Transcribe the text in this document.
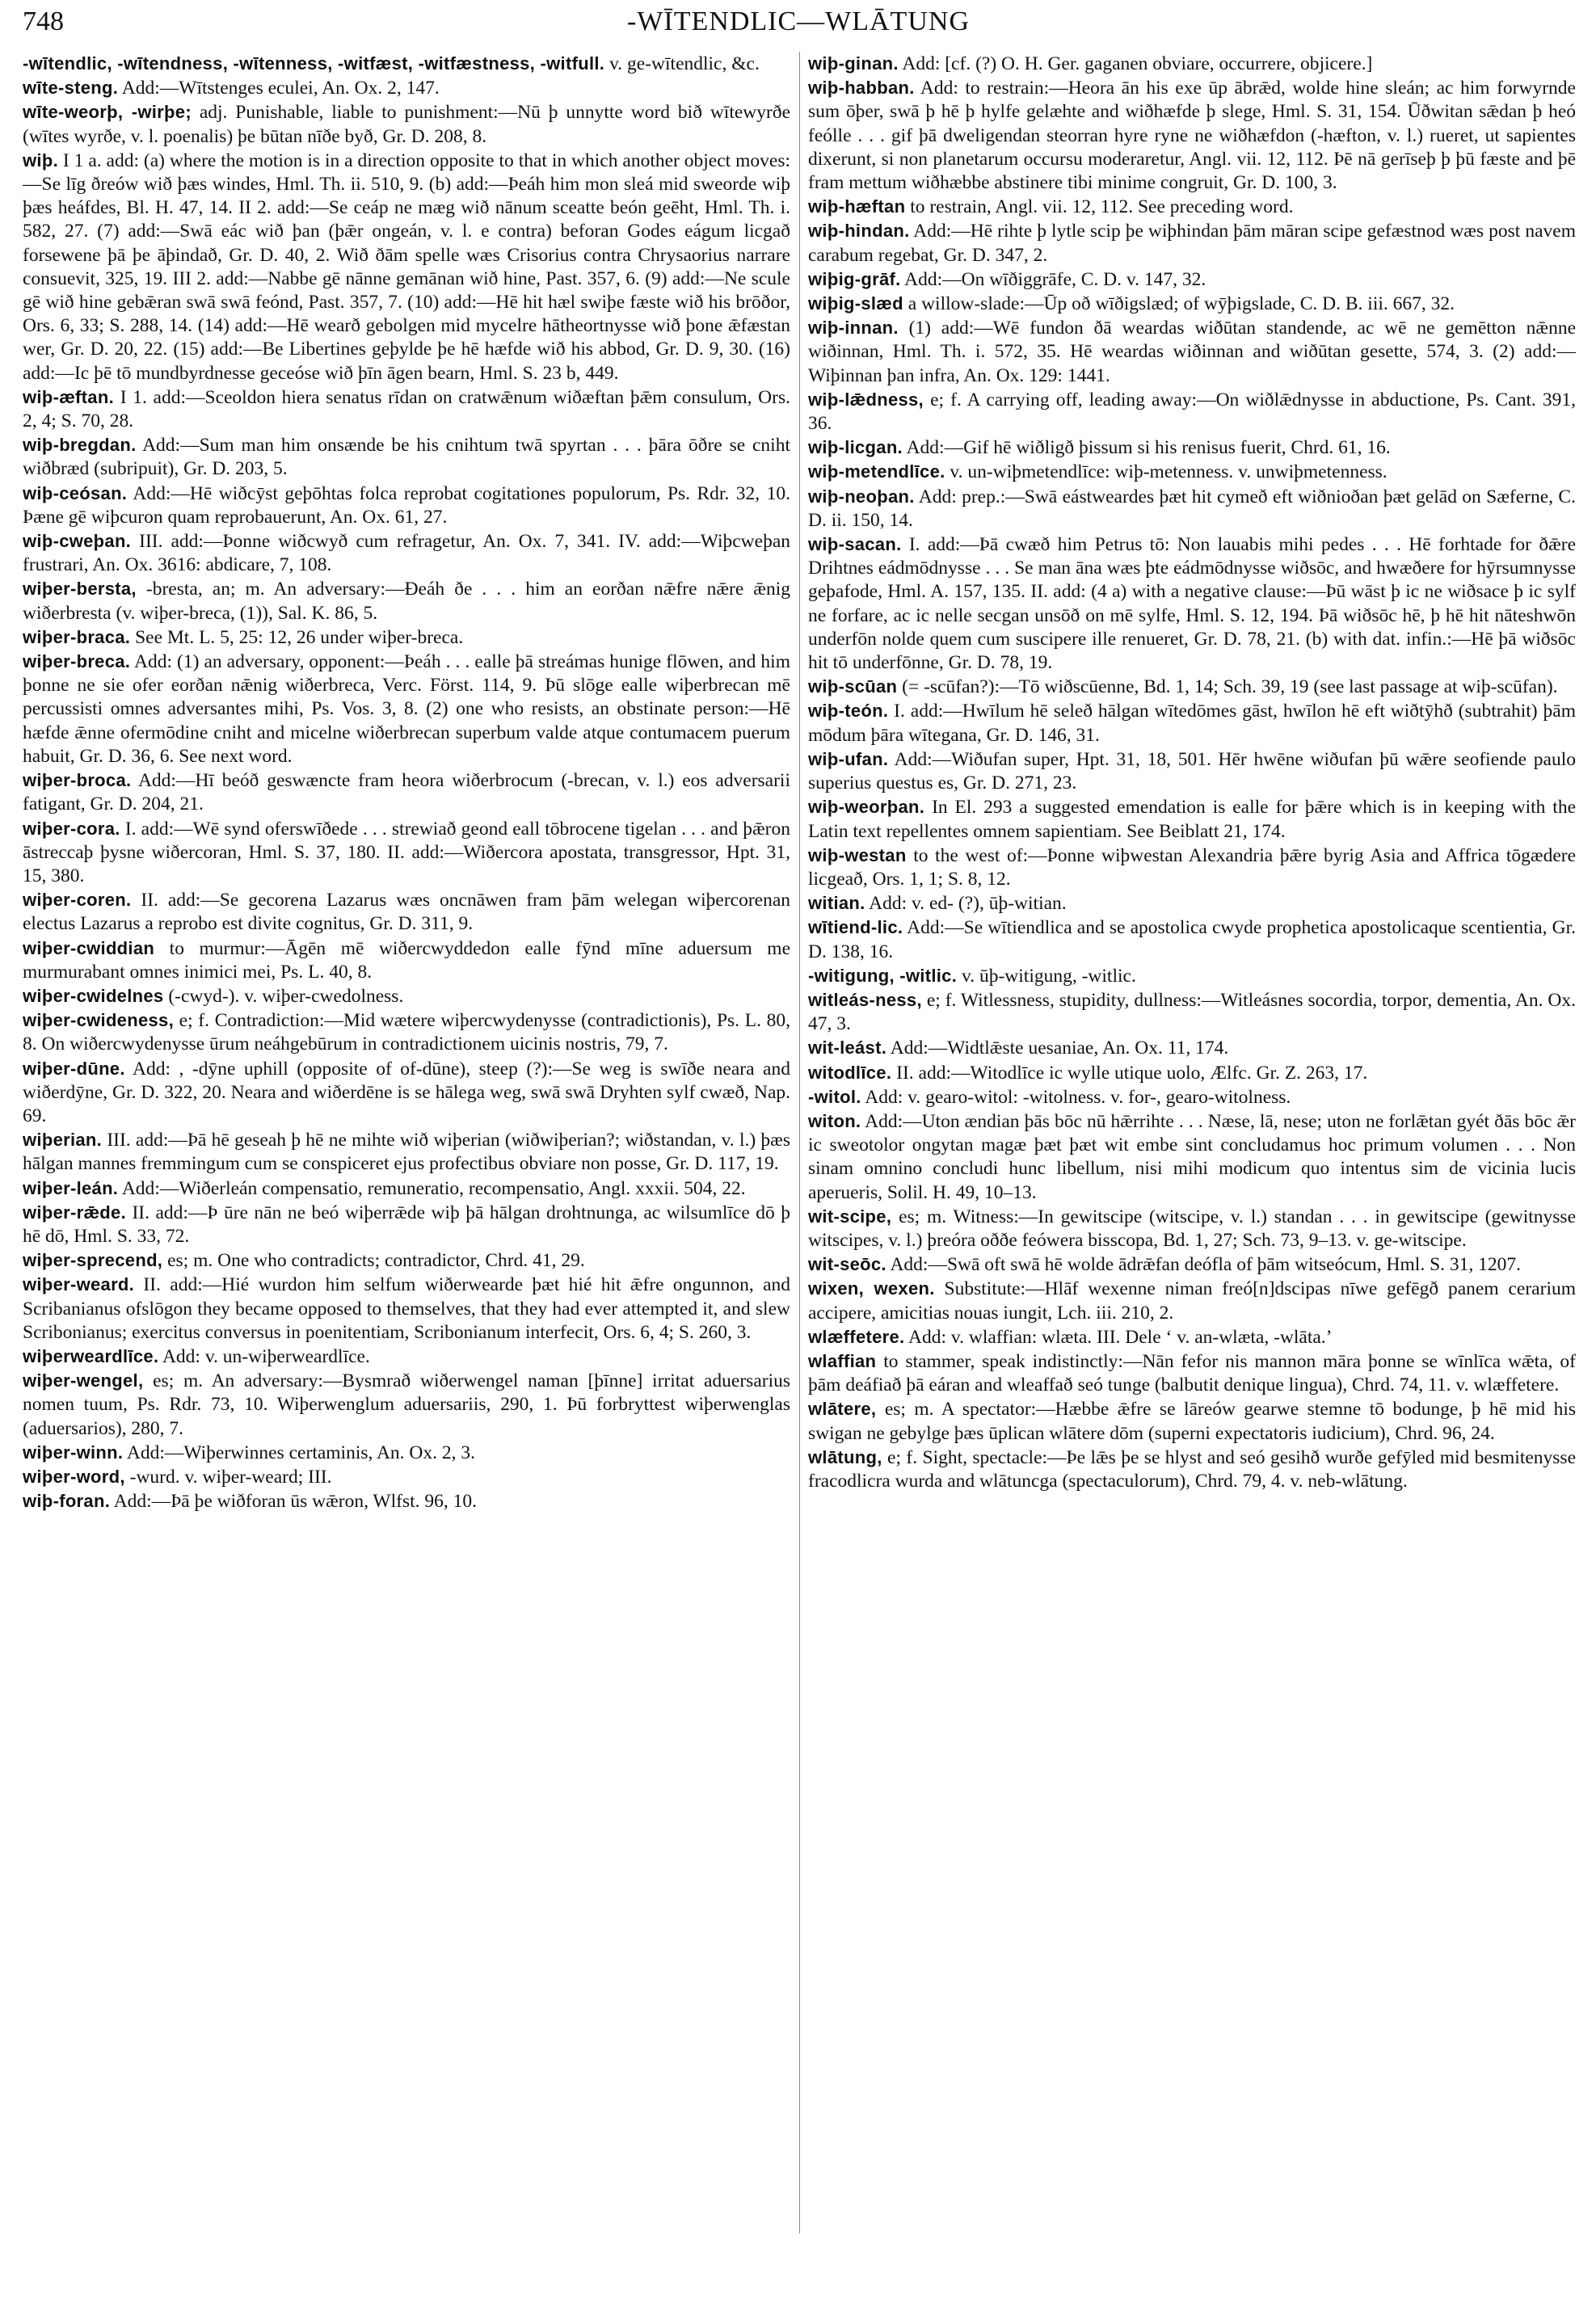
748	-WĪTENDLIC—WLĀTUNG

-wītendlic, -wītendness, -wītenness, -witfæst, -witfæstness, -witfull. v. ge-wītendlic, &c.

wīte-steng. Add:—Wītstenges eculei, An. Ox. 2, 147.

wīte-weorþ, -wirþe; adj. Punishable, liable to punishment:—Nū þ unnytte word bið wītewyrðe (wītes wyrðe, v. l. poenalis) þe būtan nīðe byð, Gr. D. 208, 8.

wiþ. I 1 a. add: (a) where the motion is in a direction opposite to that in which another object moves:—Se līg ðreów wið þæs windes, Hml. Th. ii. 510, 9. (b) add:—Þeáh him mon sleá mid sweorde wiþ þæs heáfdes, Bl. H. 47, 14. II 2. add:—Se ceáp ne mæg wið nānum sceatte beón geēht, Hml. Th. i. 582, 27. (7) add:—Swā eác wið þan (þǣr ongeán, v. l. e contra) beforan Godes eágum licgað forsewene þā þe āþindað, Gr. D. 40, 2. Wið ðām spelle wæs Crisorius contra Chrysaorius narrare consuevit, 325, 19. III 2. add:—Nabbe gē nānne gemānan wið hine, Past. 357, 6. (9) add:—Ne scule gē wið hine gebǣran swā swā feónd, Past. 357, 7. (10) add:—Hē hit hæl swiþe fæste wið his brōðor, Ors. 6, 33; S. 288, 14. (14) add:—Hē wearð gebolgen mid mycelre hātheortnysse wið þone ǣfæstan wer, Gr. D. 20, 22. (15) add:—Be Libertines geþylde þe hē hæfde wið his abbod, Gr. D. 9, 30. (16) add:—Ic þē tō mundbyrdnesse geceóse wið þīn āgen bearn, Hml. S. 23 b, 449.

wiþ-æftan. I 1. add:—Sceoldon hiera senatus rīdan on cratwǣnum wiðæftan þǣm consulum, Ors. 2, 4; S. 70, 28.

wiþ-bregdan. Add:—Sum man him onsænde be his cnihtum twā spyrtan . . . þāra ōðre se cniht wiðbræd (subripuit), Gr. D. 203, 5.

wiþ-ceósan. Add:—Hē wiðcȳst geþōhtas folca reprobat cogitationes populorum, Ps. Rdr. 32, 10. Þæne gē wiþcuron quam reprobauerunt, An. Ox. 61, 27.

wiþ-cweþan. III. add:—Þonne wiðcwyð cum refragetur, An. Ox. 7, 341. IV. add:—Wiþcweþan frustrari, An. Ox. 3616: abdicare, 7, 108.

wiþer-bersta, -bresta, an; m. An adversary:—Đeáh ðe . . . him an eorðan nǣfre nǣre ǣnig wiðerbresta (v. wiþer-breca, (1)), Sal. K. 86, 5.

wiþer-braca. See Mt. L. 5, 25: 12, 26 under wiþer-breca.

wiþer-breca. Add: (1) an adversary, opponent:—Þeáh . . . ealle þā streámas hunige flōwen, and him þonne ne sie ofer eorðan nǣnig wiðerbreca, Verc. Först. 114, 9. Þū slōge ealle wiþerbrecan mē percussisti omnes adversantes mihi, Ps. Vos. 3, 8. (2) one who resists, an obstinate person:—Hē hæfde ǣnne ofermōdine cniht and micelne wiðerbrecan superbum valde atque contumacem puerum habuit, Gr. D. 36, 6. See next word.

wiþer-broca. Add:—Hī beóð geswæncte fram heora wiðerbrocum (-brecan, v. l.) eos adversarii fatigant, Gr. D. 204, 21.

wiþer-cora. I. add:—Wē synd oferswīðede . . . strewiað geond eall tōbrocene tigelan . . . and þǣron āstreccaþ þysne wiðercoran, Hml. S. 37, 180. II. add:—Wiðercora apostata, transgressor, Hpt. 31, 15, 380.

wiþer-coren. II. add:—Se gecorena Lazarus wæs oncnāwen fram þām welegan wiþercorenan electus Lazarus a reprobo est divite cognitus, Gr. D. 311, 9.

wiþer-cwiddian to murmur:—Āgēn mē wiðercwyddedon ealle fȳnd mīne aduersum me murmurabant omnes inimici mei, Ps. L. 40, 8.

wiþer-cwidelnes (-cwyd-). v. wiþer-cwedolness.

wiþer-cwideness, e; f. Contradiction:—Mid wætere wiþercwydenysse (contradictionis), Ps. L. 80, 8. On wiðercwydenysse ūrum neáhgebūrum in contradictionem uicinis nostris, 79, 7.

wiþer-dūne. Add: , -dȳne uphill (opposite of of-dūne), steep (?):—Se weg is swīðe neara and wiðerdȳne, Gr. D. 322, 20. Neara and wiðerdēne is se hālega weg, swā swā Dryhten sylf cwæð, Nap. 69.

wiþerian. III. add:—Þā hē geseah þ hē ne mihte wið wiþerian (wiðwiþerian?; wiðstandan, v. l.) þæs hālgan mannes fremmingum cum se conspiceret ejus profectibus obviare non posse, Gr. D. 117, 19.

wiþer-leán. Add:—Wiðerleán compensatio, remuneratio, recompensatio, Angl. xxxii. 504, 22.

wiþer-rǣde. II. add:—Þ ūre nān ne beó wiþerrǣde wiþ þā hālgan drohtnunga, ac wilsumlīce dō þ hē dō, Hml. S. 33, 72.

wiþer-sprecend, es; m. One who contradicts; contradictor, Chrd. 41, 29.

wiþer-weard. II. add:—Hié wurdon him selfum wiðerwearde þæt hié hit ǣfre ongunnon, and Scribanianus ofslōgon they became opposed to themselves, that they had ever attempted it, and slew Scribonianus; exercitus conversus in poenitentiam, Scribonianum interfecit, Ors. 6, 4; S. 260, 3.

wiþerweardlīce. Add: v. un-wiþerweardlīce.

wiþer-wengel, es; m. An adversary:—Bysmrað wiðerwengel naman [þīnne] irritat aduersarius nomen tuum, Ps. Rdr. 73, 10. Wiþerwenglum aduersariis, 290, 1. Þū forbryttest wiþerwenglas (aduersarios), 280, 7.

wiþer-winn. Add:—Wiþerwinnes certaminis, An. Ox. 2, 3.

wiþer-word, -wurd. v. wiþer-weard; III.

wiþ-foran. Add:—Þā þe wiðforan ūs wǣron, Wlfst. 96, 10.

wiþ-ginan. Add: [cf. (?) O. H. Ger. gaganen obviare, occurrere, objicere.]

wiþ-habban. Add: to restrain:—Heora ān his exe ūp ābrǣd, wolde hine sleán; ac him forwyrnde sum ōþer, swā þ hē þ hylfe gelæhte and wiðhæfde þ slege, Hml. S. 31, 154. Ūðwitan sǣdan þ heó feólle . . . gif þā dweligendan steorran hyre ryne ne wiðhæfdon (-hæfton, v. l.) rueret, ut sapientes dixerunt, si non planetarum occursu moderaretur, Angl. vii. 12, 112. Þē nā gerīseþ þ þū fæste and þē fram mettum wiðhæbbe abstinere tibi minime congruit, Gr. D. 100, 3.

wiþ-hæftan to restrain, Angl. vii. 12, 112. See preceding word.

wiþ-hindan. Add:—Hē rihte þ lytle scip þe wiþhindan þām māran scipe gefæstnod wæs post navem carabum regebat, Gr. D. 347, 2.

wiþig-grāf. Add:—On wīðiggrāfe, C. D. v. 147, 32.

wiþig-slæd a willow-slade:—Ūp oð wīðigslæd; of wȳþigslade, C. D. B. iii. 667, 32.

wiþ-innan. (1) add:—Wē fundon ðā weardas wiðūtan standende, ac wē ne gemētton nǣnne wiðinnan, Hml. Th. i. 572, 35. Hē weardas wiðinnan and wiðūtan gesette, 574, 3. (2) add:—Wiþinnan þan infra, An. Ox. 129: 1441.

wiþ-lǣdness, e; f. A carrying off, leading away:—On wiðlǣdnysse in abductione, Ps. Cant. 391, 36.

wiþ-licgan. Add:—Gif hē wiðligð þissum si his renisus fuerit, Chrd. 61, 16.

wiþ-metendlīce. v. un-wiþmetendlīce: wiþ-metenness. v. unwiþmetenness.

wiþ-neoþan. Add: prep.:—Swā eástweardes þæt hit cymeð eft wiðnioðan þæt gelād on Sæferne, C. D. ii. 150, 14.

wiþ-sacan. I. add:—Þā cwæð him Petrus tō: Non lauabis mihi pedes . . . Hē forhtade for ðǣre Drihtnes eádmōdnysse . . . Se man āna wæs þte eádmōdnysse wiðsōc, and hwæðere for hȳrsumnysse geþafode, Hml. A. 157, 135. II. add: (4 a) with a negative clause:—Þū wāst þ ic ne wiðsace þ ic sylf ne forfare, ac ic nelle secgan unsōð on mē sylfe, Hml. S. 12, 194. Þā wiðsōc hē, þ hē hit nāteshwōn underfōn nolde quem cum suscipere ille renueret, Gr. D. 78, 21. (b) with dat. infin.:—Hē þā wiðsōc hit tō underfōnne, Gr. D. 78, 19.

wiþ-scūan (= -scūfan?):—Tō wiðscūenne, Bd. 1, 14; Sch. 39, 19 (see last passage at wiþ-scūfan).

wiþ-teón. I. add:—Hwīlum hē seleð hālgan wītedōmes gāst, hwīlon hē eft wiðtȳhð (subtrahit) þām mōdum þāra wītegana, Gr. D. 146, 31.

wiþ-ufan. Add:—Wiðufan super, Hpt. 31, 18, 501. Hēr hwēne wiðufan þū wǣre seofiende paulo superius questus es, Gr. D. 271, 23.

wiþ-weorþan. In El. 293 a suggested emendation is ealle for þǣre which is in keeping with the Latin text repellentes omnem sapientiam. See Beiblatt 21, 174.

wiþ-westan to the west of:—Þonne wiþwestan Alexandria þǣre byrig Asia and Affrica tōgædere licgeað, Ors. 1, 1; S. 8, 12.

witian. Add: v. ed- (?), ūþ-witian.

wītiend-lic. Add:—Se wītiendlica and se apostolica cwyde prophetica apostolicaque scentientia, Gr. D. 138, 16.

-witigung, -witlic. v. ūþ-witigung, -witlic.

witleás-ness, e; f. Witlessness, stupidity, dullness:—Witleásnes socordia, torpor, dementia, An. Ox. 47, 3.

wit-leást. Add:—Widtlǣste uesaniae, An. Ox. 11, 174.

witodlīce. II. add:—Witodlīce ic wylle utique uolo, Ælfc. Gr. Z. 263, 17.

-witol. Add: v. gearo-witol: -witolness. v. for-, gearo-witolness.

witon. Add:—Uton ændian þās bōc nū hǣrrihte . . . Næse, lā, nese; uton ne forlǣtan gyét ðās bōc ǣr ic sweotolor ongytan magæ þæt þæt wit embe sint concludamus hoc primum volumen . . . Non sinam omnino concludi hunc libellum, nisi mihi modicum quo intentus sim de vicinia lucis aperueris, Solil. H. 49, 10–13.

wit-scipe, es; m. Witness:—In gewitscipe (witscipe, v. l.) standan . . . in gewitscipe (gewitnysse witscipes, v. l.) þreóra oððe feówera bisscopa, Bd. 1, 27; Sch. 73, 9–13. v. ge-witscipe.

wit-seōc. Add:—Swā oft swā hē wolde ādrǣfan deófla of þām witseócum, Hml. S. 31, 1207.

wixen, wexen. Substitute:—Hlāf wexenne niman freó[n]dscipas nīwe gefēgð panem cerarium accipere, amicitias nouas iungit, Lch. iii. 210, 2.

wlæffetere. Add: v. wlaffian: wlæta. III. Dele ‘ v. an-wlæta, -wlāta.’

wlaffian to stammer, speak indistinctly:—Nān fefor nis mannon māra þonne se wīnlīca wǣta, of þām deáfiað þā eáran and wleaffað seó tunge (balbutit denique lingua), Chrd. 74, 11. v. wlæffetere.

wlātere, es; m. A spectator:—Hæbbe ǣfre se lāreów gearwe stemne tō bodunge, þ hē mid his swigan ne gebylge þæs ūplican wlātere dōm (superni expectatoris iudicium), Chrd. 96, 24.

wlātung, e; f. Sight, spectacle:—Þe lǣs þe se hlyst and seó gesihð wurðe gefȳled mid besmitenysse fracodlicra wurda and wlātuncga (spectaculorum), Chrd. 79, 4. v. neb-wlātung.
